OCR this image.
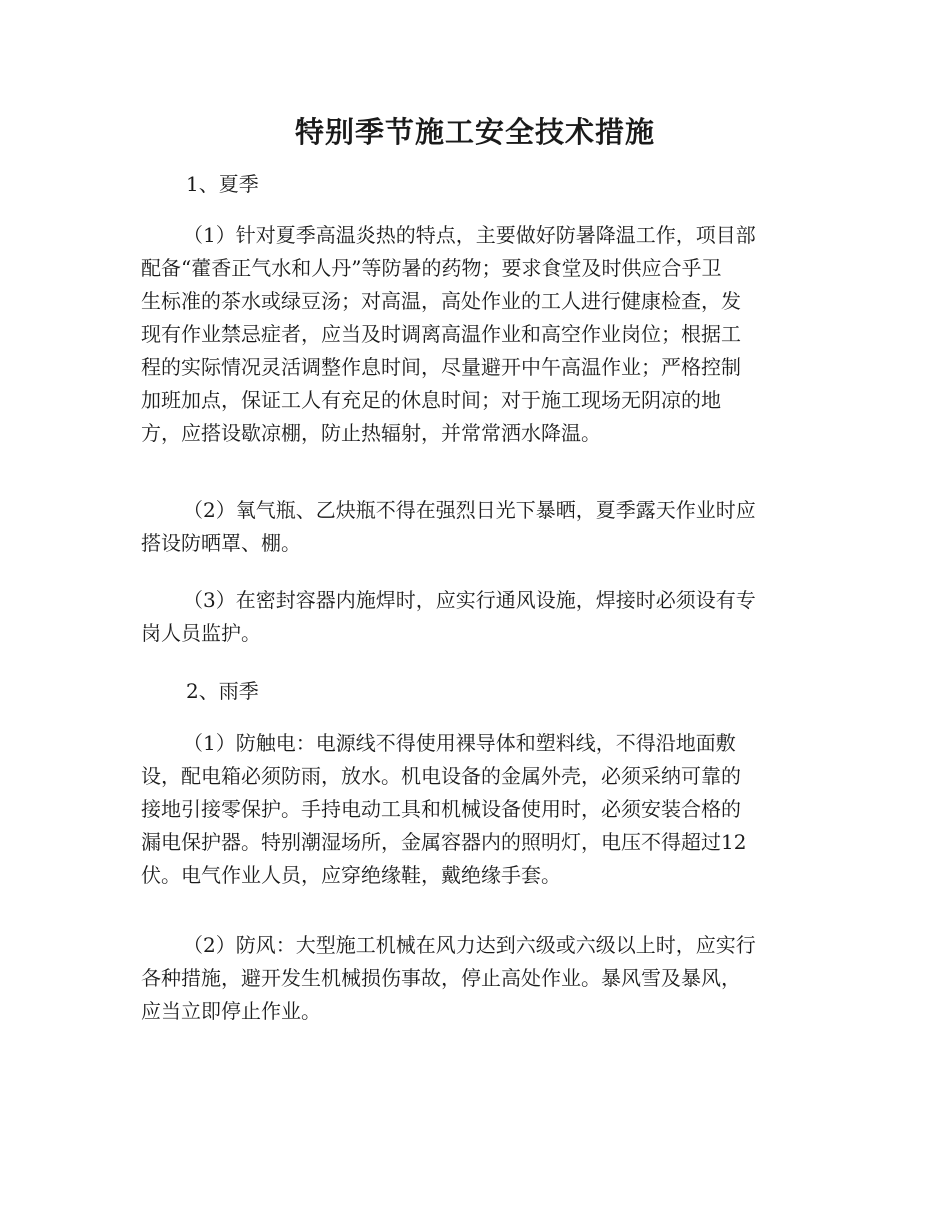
特别季节施工安全技术措施

1、夏季

（1）针对夏季高温炎热的特点，主要做好防暑降温工作，项目部
配备“藿香正气水和人丹”等防暑的药物；要求食堂及时供应合乎卫
生标准的茶水或绿豆汤；对高温，高处作业的工人进行健康检查，发
现有作业禁忌症者，应当及时调离高温作业和高空作业岗位；根据工
程的实际情况灵活调整作息时间，尽量避开中午高温作业；严格控制
加班加点，保证工人有充足的休息时间；对于施工现场无阴凉的地
方，应搭设歇凉棚，防止热辐射，并常常洒水降温。
（2）氧气瓶、乙炔瓶不得在强烈日光下暴晒，夏季露天作业时应
搭设防晒罩、棚。
（3）在密封容器内施焊时，应实行通风设施，焊接时必须设有专
岗人员监护。

2、雨季

（1）防触电：电源线不得使用裸导体和塑料线，不得沿地面敷
设，配电箱必须防雨，放水。机电设备的金属外壳，必须采纳可靠的
接地引接零保护。手持电动工具和机械设备使用时，必须安装合格的
漏电保护器。特别潮湿场所，金属容器内的照明灯，电压不得超过12
伏。电气作业人员，应穿绝缘鞋，戴绝缘手套。
（2）防风：大型施工机械在风力达到六级或六级以上时，应实行
各种措施，避开发生机械损伤事故，停止高处作业。暴风雪及暴风，
应当立即停止作业。
